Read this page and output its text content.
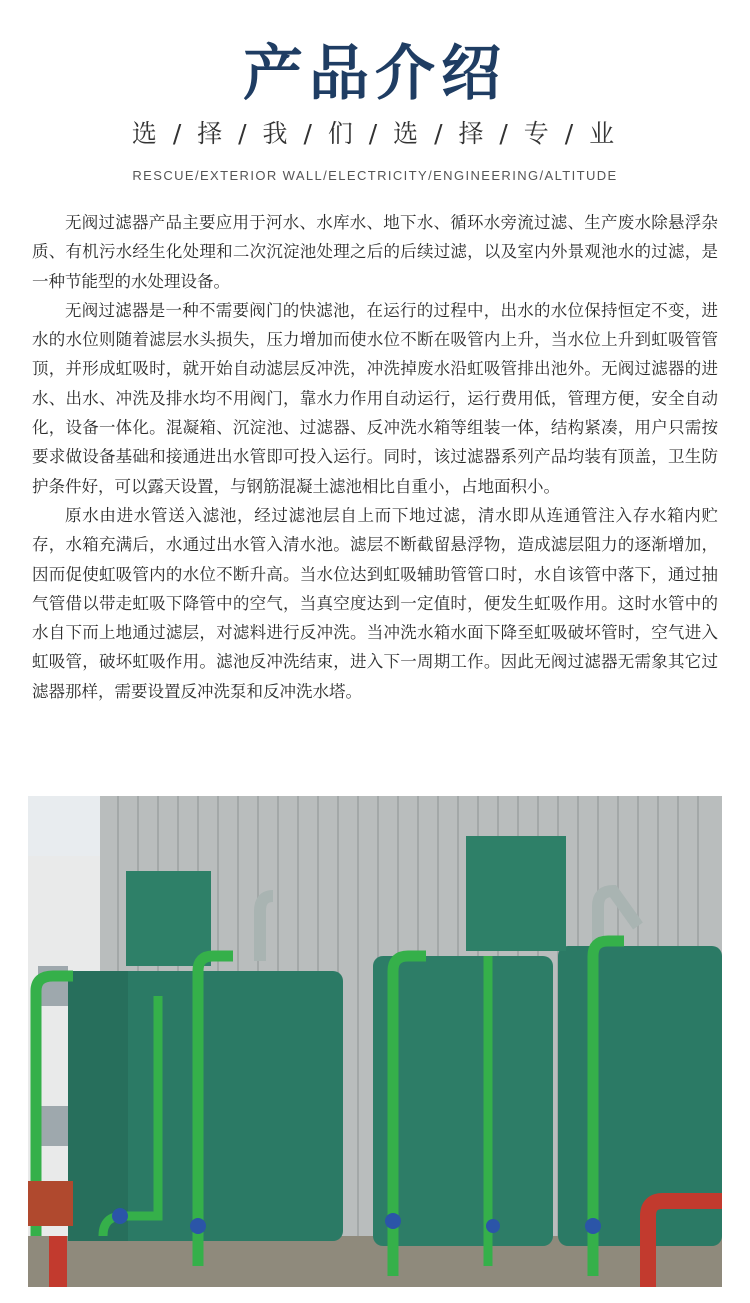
产品介绍
选 / 择 / 我 / 们 / 选 / 择 / 专 / 业
RESCUE/EXTERIOR WALL/ELECTRICITY/ENGINEERING/ALTITUDE

无阀过滤器产品主要应用于河水、水库水、地下水、循环水旁流过滤、生产废水除悬浮杂质、有机污水经生化处理和二次沉淀池处理之后的后续过滤，以及室内外景观池水的过滤，是一种节能型的水处理设备。

无阀过滤器是一种不需要阀门的快滤池，在运行的过程中，出水的水位保持恒定不变，进水的水位则随着滤层水头损失，压力增加而使水位不断在吸管内上升，当水位上升到虹吸管管顶，并形成虹吸时，就开始自动滤层反冲洗，冲洗掉废水沿虹吸管排出池外。无阀过滤器的进水、出水、冲洗及排水均不用阀门，靠水力作用自动运行，运行费用低，管理方便，安全自动化，设备一体化。混凝箱、沉淀池、过滤器、反冲洗水箱等组装一体，结构紧凑，用户只需按要求做设备基础和接通进出水管即可投入运行。同时，该过滤器系列产品均装有顶盖，卫生防护条件好，可以露天设置，与钢筋混凝土滤池相比自重小，占地面积小。

原水由进水管送入滤池，经过滤池层自上而下地过滤，清水即从连通管注入存水箱内贮存，水箱充满后，水通过出水管入清水池。滤层不断截留悬浮物，造成滤层阻力的逐渐增加，因而促使虹吸管内的水位不断升高。当水位达到虹吸辅助管管口时，水自该管中落下，通过抽气管借以带走虹吸下降管中的空气，当真空度达到一定值时，便发生虹吸作用。这时水管中的水自下而上地通过滤层，对滤料进行反冲洗。当冲洗水箱水面下降至虹吸破坏管时，空气进入虹吸管，破坏虹吸作用。滤池反冲洗结束，进入下一周期工作。因此无阀过滤器无需象其它过滤器那样，需要设置反冲洗泵和反冲洗水塔。
